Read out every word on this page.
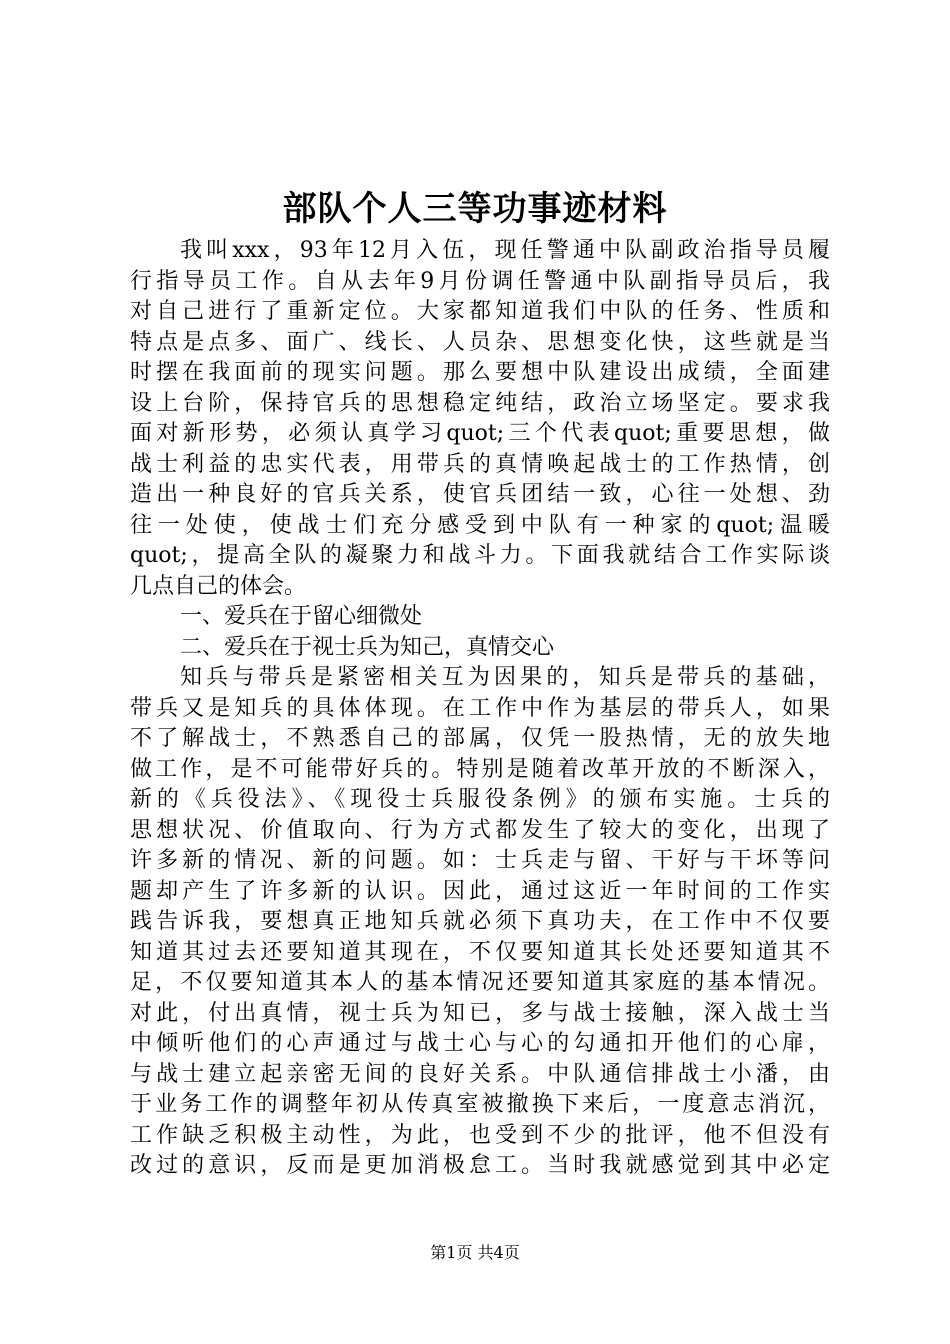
部队个人三等功事迹材料
我叫xxx，93年12月入伍，现任警通中队副政治指导员履
行指导员工作。自从去年9月份调任警通中队副指导员后，我
对自己进行了重新定位。大家都知道我们中队的任务、性质和
特点是点多、面广、线长、人员杂、思想变化快，这些就是当
时摆在我面前的现实问题。那么要想中队建设出成绩，全面建
设上台阶，保持官兵的思想稳定纯结，政治立场坚定。要求我
面对新形势，必须认真学习quot;三个代表quot;重要思想，做
战士利益的忠实代表，用带兵的真情唤起战士的工作热情，创
造出一种良好的官兵关系，使官兵团结一致，心往一处想、劲
往一处使，使战士们充分感受到中队有一种家的quot;温暖
quot;，提高全队的凝聚力和战斗力。下面我就结合工作实际谈
几点自己的体会。
一、爱兵在于留心细微处
二、爱兵在于视士兵为知己，真情交心
知兵与带兵是紧密相关互为因果的，知兵是带兵的基础，
带兵又是知兵的具体体现。在工作中作为基层的带兵人，如果
不了解战士，不熟悉自己的部属，仅凭一股热情，无的放失地
做工作，是不可能带好兵的。特别是随着改革开放的不断深入，
新的《兵役法》、《现役士兵服役条例》的颁布实施。士兵的
思想状况、价值取向、行为方式都发生了较大的变化，出现了
许多新的情况、新的问题。如：士兵走与留、干好与干坏等问
题却产生了许多新的认识。因此，通过这近一年时间的工作实
践告诉我，要想真正地知兵就必须下真功夫，在工作中不仅要
知道其过去还要知道其现在，不仅要知道其长处还要知道其不
足，不仅要知道其本人的基本情况还要知道其家庭的基本情况。
对此，付出真情，视士兵为知已，多与战士接触，深入战士当
中倾听他们的心声通过与战士心与心的勾通扣开他们的心扉，
与战士建立起亲密无间的良好关系。中队通信排战士小潘，由
于业务工作的调整年初从传真室被撤换下来后，一度意志消沉，
工作缺乏积极主动性，为此，也受到不少的批评，他不但没有
改过的意识，反而是更加消极怠工。当时我就感觉到其中必定
第1页 共4页
